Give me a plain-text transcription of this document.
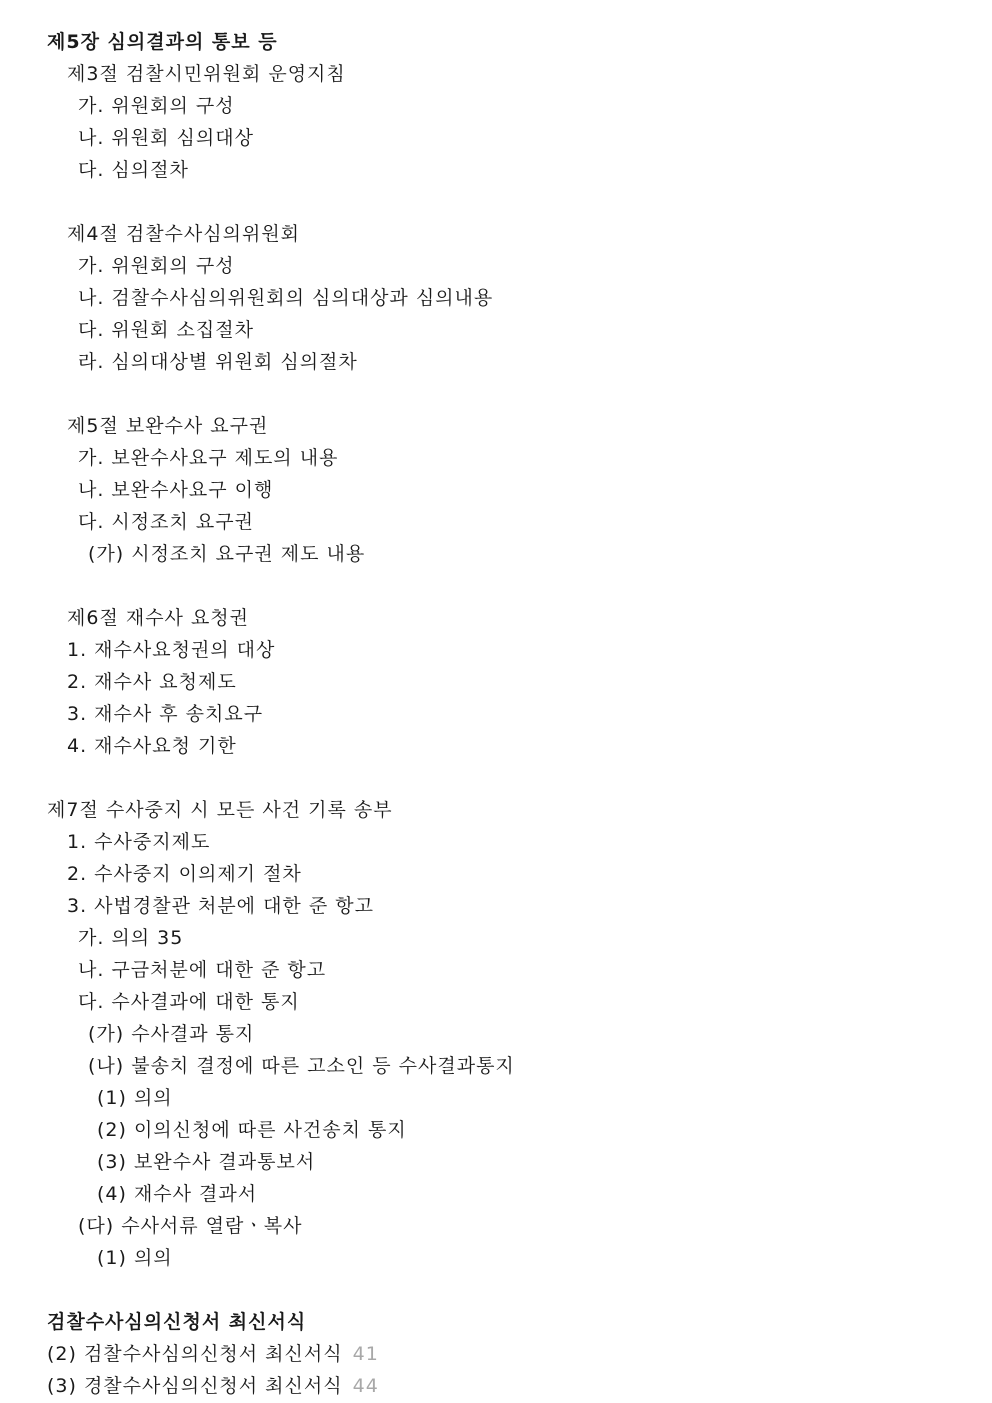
제5장 심의결과의 통보 등
제3절 검찰시민위원회 운영지침
가. 위원회의 구성
나. 위원회 심의대상
다. 심의절차
제4절 검찰수사심의위원회
가. 위원회의 구성
나. 검찰수사심의위원회의 심의대상과 심의내용
다. 위원회 소집절차
라. 심의대상별 위원회 심의절차
제5절 보완수사 요구권
가. 보완수사요구 제도의 내용
나. 보완수사요구 이행
다. 시정조치 요구권
(가) 시정조치 요구권 제도 내용
제6절 재수사 요청권
1. 재수사요청권의 대상
2. 재수사 요청제도
3. 재수사 후 송치요구
4. 재수사요청 기한
제7절 수사중지 시 모든 사건 기록 송부
1. 수사중지제도
2. 수사중지 이의제기 절차
3. 사법경찰관 처분에 대한 준 항고
가. 의의 35
나. 구금처분에 대한 준 항고
다. 수사결과에 대한 통지
(가) 수사결과 통지
(나) 불송치 결정에 따른 고소인 등 수사결과통지
(1) 의의
(2) 이의신청에 따른 사건송치 통지
(3) 보완수사 결과통보서
(4) 재수사 결과서
(다) 수사서류 열람ㆍ복사
(1) 의의
검찰수사심의신청서 최신서식
(2) 검찰수사심의신청서 최신서식 41
(3) 경찰수사심의신청서 최신서식 44
